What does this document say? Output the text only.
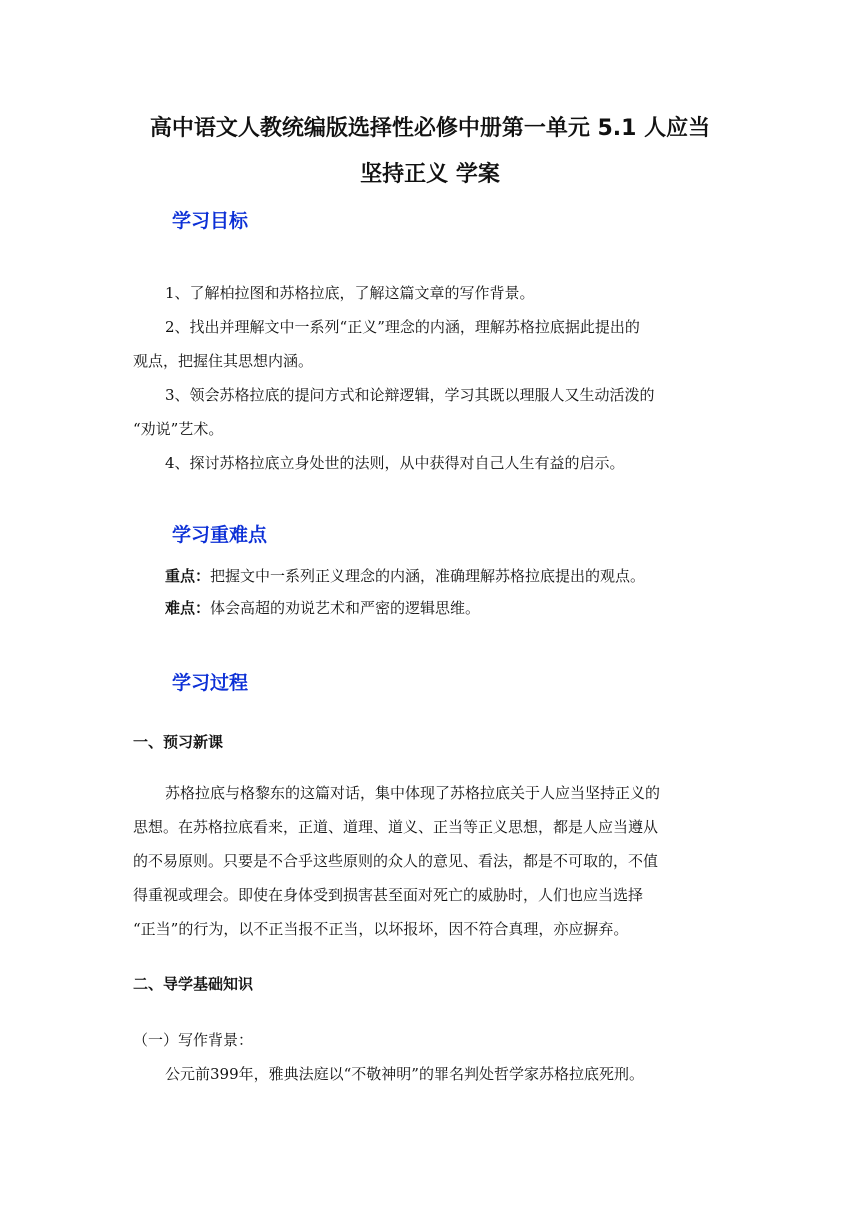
高中语文人教统编版选择性必修中册第一单元 5.1 人应当
坚持正义 学案
学习目标
1、了解柏拉图和苏格拉底，了解这篇文章的写作背景。
2、找出并理解文中一系列“正义”理念的内涵，理解苏格拉底据此提出的
观点，把握住其思想内涵。
3、领会苏格拉底的提问方式和论辩逻辑，学习其既以理服人又生动活泼的
“劝说”艺术。
4、探讨苏格拉底立身处世的法则，从中获得对自己人生有益的启示。
学习重难点
重点：把握文中一系列正义理念的内涵，准确理解苏格拉底提出的观点。
难点：体会高超的劝说艺术和严密的逻辑思维。
学习过程
一、预习新课
苏格拉底与格黎东的这篇对话，集中体现了苏格拉底关于人应当坚持正义的
思想。在苏格拉底看来，正道、道理、道义、正当等正义思想，都是人应当遵从
的不易原则。只要是不合乎这些原则的众人的意见、看法，都是不可取的，不值
得重视或理会。即使在身体受到损害甚至面对死亡的威胁时，人们也应当选择
“正当”的行为，以不正当报不正当，以坏报坏，因不符合真理，亦应摒弃。
二、导学基础知识
（一）写作背景：
公元前399年，雅典法庭以“不敬神明”的罪名判处哲学家苏格拉底死刑。
